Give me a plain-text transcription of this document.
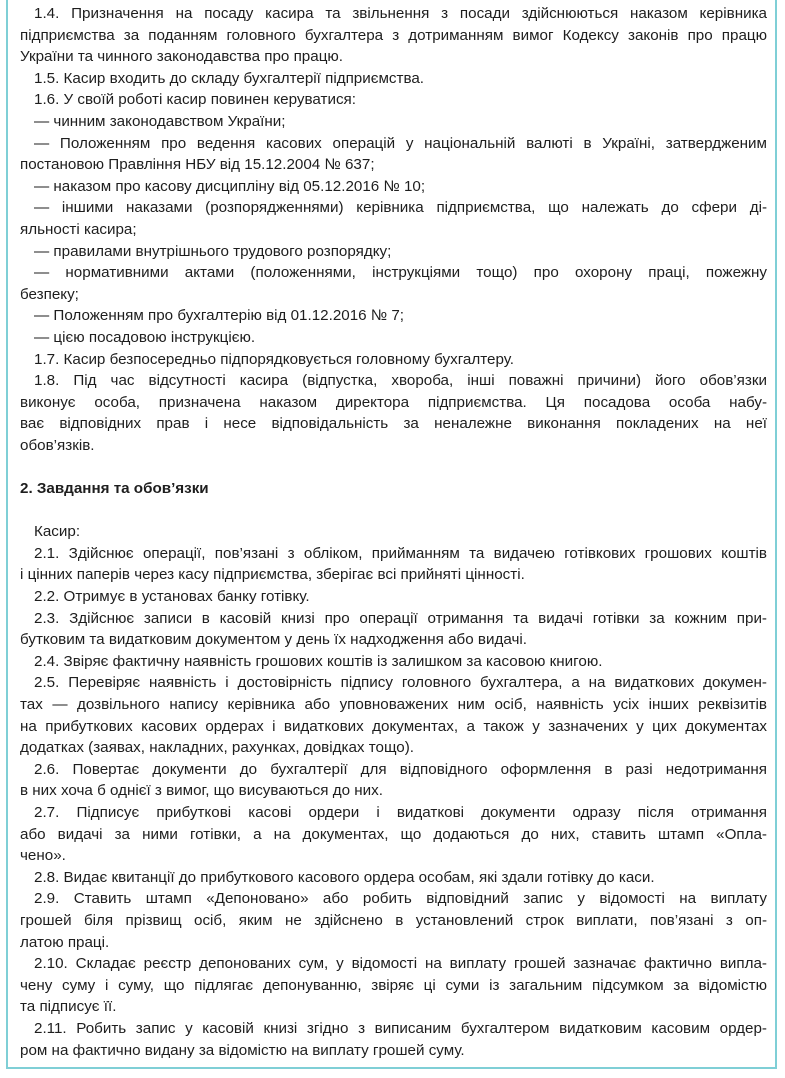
1.4. Призначення на посаду касира та звільнення з посади здійснюються наказом керівника
підприємства за поданням головного бухгалтера з дотриманням вимог Кодексу законів про працю
України та чинного законодавства про працю.
1.5. Касир входить до складу бухгалтерії підприємства.
1.6. У своїй роботі касир повинен керуватися:
— чинним законодавством України;
— Положенням про ведення касових операцій у національній валюті в Україні, затвердженим
постановою Правління НБУ від 15.12.2004 № 637;
— наказом про касову дисципліну від 05.12.2016 № 10;
— іншими наказами (розпорядженнями) керівника підприємства, що належать до сфери ді-
яльності касира;
— правилами внутрішнього трудового розпорядку;
— нормативними актами (положеннями, інструкціями тощо) про охорону праці, пожежну
безпеку;
— Положенням про бухгалтерію від 01.12.2016 № 7;
— цією посадовою інструкцією.
1.7. Касир безпосередньо підпорядковується головному бухгалтеру.
1.8. Під час відсутності касира (відпустка, хвороба, інші поважні причини) його обов’язки
виконує особа, призначена наказом директора підприємства. Ця посадова особа набу-
ває відповідних прав і несе відповідальність за неналежне виконання покладених на неї
обов’язків.
2. Завдання та обов’язки
Касир:
2.1. Здійснює операції, пов’язані з обліком, прийманням та видачею готівкових грошових коштів
і цінних паперів через касу підприємства, зберігає всі прийняті цінності.
2.2. Отримує в установах банку готівку.
2.3. Здійснює записи в касовій книзі про операції отримання та видачі готівки за кожним при-
бутковим та видатковим документом у день їх надходження або видачі.
2.4. Звіряє фактичну наявність грошових коштів із залишком за касовою книгою.
2.5. Перевіряє наявність і достовірність підпису головного бухгалтера, а на видаткових докумен-
тах — дозвільного напису керівника або уповноважених ним осіб, наявність усіх інших реквізитів
на прибуткових касових ордерах і видаткових документах, а також у зазначених у цих документах
додатках (заявах, накладних, рахунках, довідках тощо).
2.6. Повертає документи до бухгалтерії для відповідного оформлення в разі недотримання
в них хоча б однієї з вимог, що висуваються до них.
2.7. Підписує прибуткові касові ордери і видаткові документи одразу після отримання
або видачі за ними готівки, а на документах, що додаються до них, ставить штамп «Опла-
чено».
2.8. Видає квитанції до прибуткового касового ордера особам, які здали готівку до каси.
2.9. Ставить штамп «Депоновано» або робить відповідний запис у відомості на виплату
грошей біля прізвищ осіб, яким не здійснено в установлений строк виплати, пов’язані з оп-
латою праці.
2.10. Складає реєстр депонованих сум, у відомості на виплату грошей зазначає фактично випла-
чену суму і суму, що підлягає депонуванню, звіряє ці суми із загальним підсумком за відомістю
та підписує її.
2.11. Робить запис у касовій книзі згідно з виписаним бухгалтером видатковим касовим ордер-
ром на фактично видану за відомістю на виплату грошей суму.
